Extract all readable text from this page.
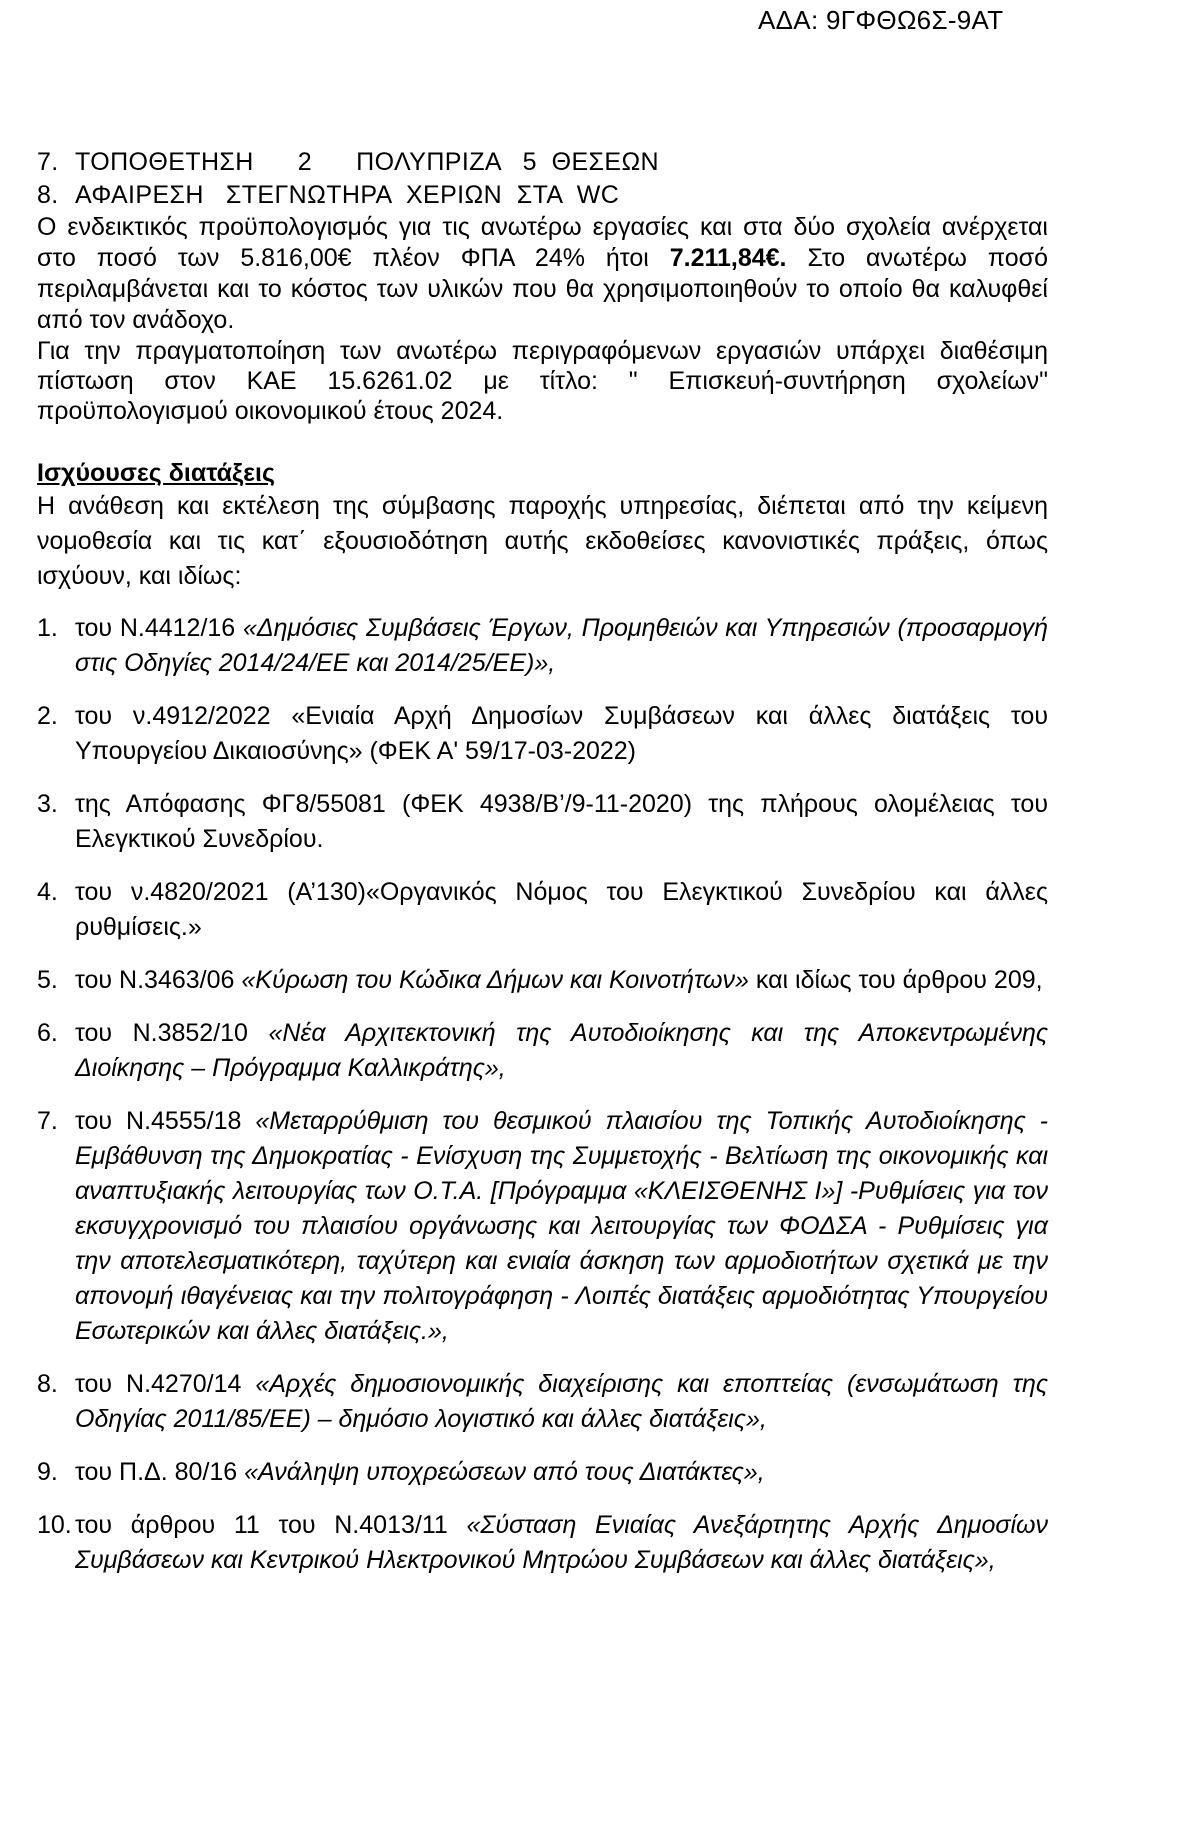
ΑΔΑ: 9ΓΦΘΩ6Σ-9ΑΤ
7. ΤΟΠΟΘΕΤΗΣΗ      2      ΠΟΛΥΠΡΙΖΑ   5  ΘΕΣΕΩΝ
8. ΑΦΑΙΡΕΣΗ   ΣΤΕΓΝΩΤΗΡΑ  ΧΕΡΙΩΝ  ΣΤΑ  WC

Ο ενδεικτικός προϋπολογισμός για τις ανωτέρω εργασίες και στα δύο σχολεία ανέρχεται στο ποσό των 5.816,00€ πλέον ΦΠΑ 24% ήτοι 7.211,84€. Στο ανωτέρω ποσό περιλαμβάνεται και το κόστος των υλικών που θα χρησιμοποιηθούν το οποίο θα καλυφθεί από τον ανάδοχο.

Για την πραγματοποίηση των ανωτέρω περιγραφόμενων εργασιών υπάρχει διαθέσιμη πίστωση στον ΚΑΕ 15.6261.02 με τίτλο: " Επισκευή-συντήρηση σχολείων" προϋπολογισμού οικονομικού έτους 2024.

Ισχύουσες διατάξεις

Η ανάθεση και εκτέλεση της σύμβασης παροχής υπηρεσίας, διέπεται από την κείμενη νομοθεσία και τις κατ΄ εξουσιοδότηση αυτής εκδοθείσες κανονιστικές πράξεις, όπως ισχύουν, και ιδίως:

1. του Ν.4412/16 «Δημόσιες Συμβάσεις Έργων, Προμηθειών και Υπηρεσιών (προσαρμογή στις Οδηγίες 2014/24/ΕΕ και 2014/25/ΕΕ)»,
2. του ν.4912/2022 «Ενιαία Αρχή Δημοσίων Συμβάσεων και άλλες διατάξεις του Υπουργείου Δικαιοσύνης» (ΦΕΚ Α' 59/17-03-2022)
3. της Απόφασης ΦΓ8/55081 (ΦΕΚ 4938/Β’/9-11-2020) της πλήρους ολομέλειας του Ελεγκτικού Συνεδρίου.
4. του ν.4820/2021 (Α’130)«Οργανικός Νόμος του Ελεγκτικού Συνεδρίου και άλλες ρυθμίσεις.»
5. του Ν.3463/06 «Κύρωση του Κώδικα Δήμων και Κοινοτήτων» και ιδίως του άρθρου 209,
6. του Ν.3852/10 «Νέα Αρχιτεκτονική της Αυτοδιοίκησης και της Αποκεντρωμένης Διοίκησης – Πρόγραμμα Καλλικράτης»,
7. του Ν.4555/18 «Μεταρρύθμιση του θεσμικού πλαισίου της Τοπικής Αυτοδιοίκησης - Εμβάθυνση της Δημοκρατίας - Ενίσχυση της Συμμετοχής - Βελτίωση της οικονομικής και αναπτυξιακής λειτουργίας των Ο.Τ.Α. [Πρόγραμμα «ΚΛΕΙΣΘΕΝΗΣ Ι»] -Ρυθμίσεις για τον εκσυγχρονισμό του πλαισίου οργάνωσης και λειτουργίας των ΦΟΔΣΑ - Ρυθμίσεις για την αποτελεσματικότερη, ταχύτερη και ενιαία άσκηση των αρμοδιοτήτων σχετικά με την απονομή ιθαγένειας και την πολιτογράφηση - Λοιπές διατάξεις αρμοδιότητας Υπουργείου Εσωτερικών και άλλες διατάξεις.»,
8. του Ν.4270/14 «Αρχές δημοσιονομικής διαχείρισης και εποπτείας (ενσωμάτωση της Οδηγίας 2011/85/ΕΕ) – δημόσιο λογιστικό και άλλες διατάξεις»,
9. του Π.Δ. 80/16 «Ανάληψη υποχρεώσεων από τους Διατάκτες»,
10. του άρθρου 11 του Ν.4013/11 «Σύσταση Ενιαίας Ανεξάρτητης Αρχής Δημοσίων Συμβάσεων και Κεντρικού Ηλεκτρονικού Μητρώου Συμβάσεων και άλλες διατάξεις»,
